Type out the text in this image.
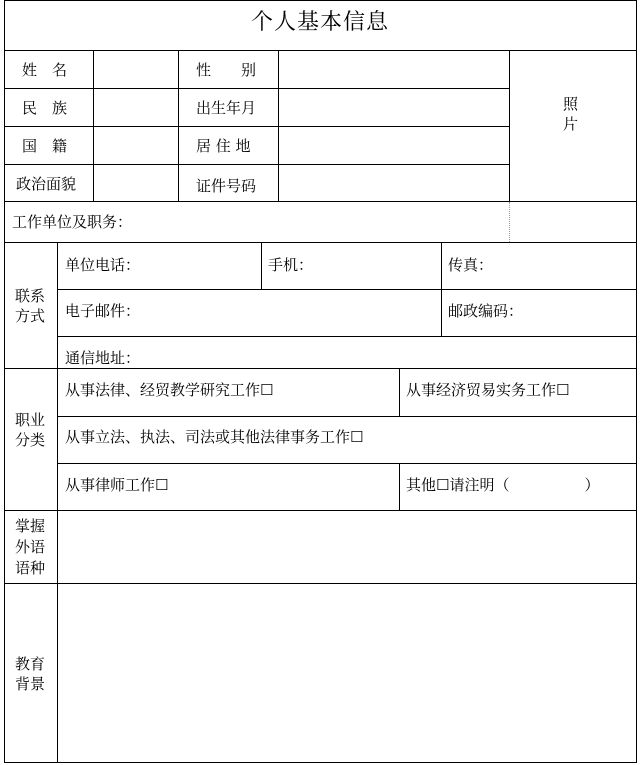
个人基本信息
姓　名	性　　别
民　族	出生年月
国　籍	居 住 地
政治面貌	证件号码
照
片
工作单位及职务：
联系
方式
单位电话：	手机：	传真：
电子邮件：	邮政编码：
通信地址：
职业
分类
从事法律、经贸教学研究工作☐	从事经济贸易实务工作☐
从事立法、执法、司法或其他法律事务工作☐
从事律师工作☐	其他☐请注明（　　　　　）
掌握
外语
语种
教育
背景
